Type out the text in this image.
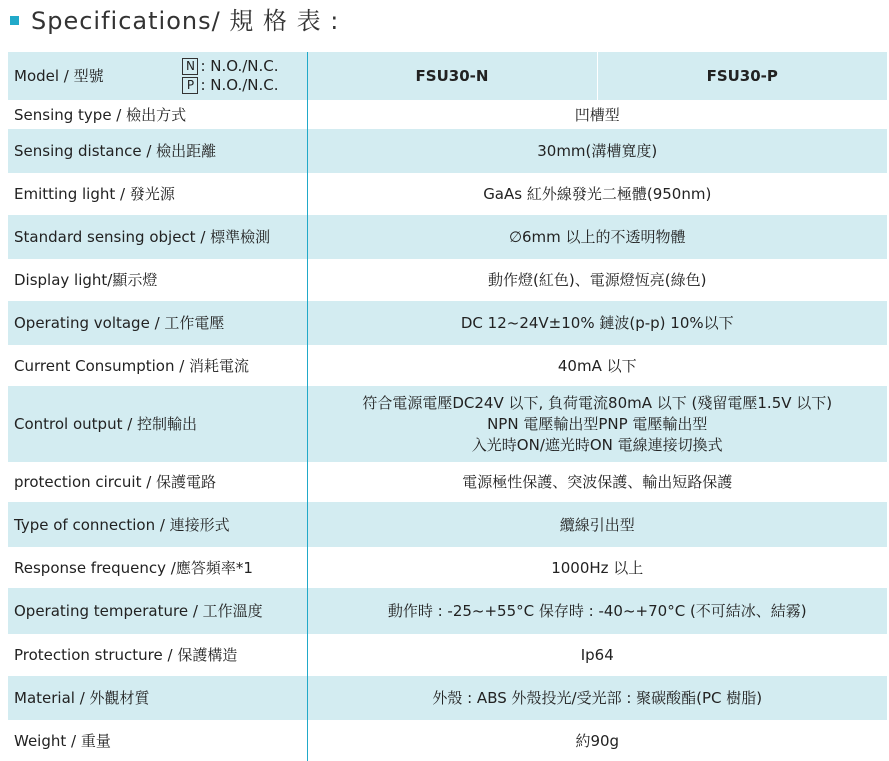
Specifications/ 規 格 表 :
Model / 型號
N : N.O./N.C.
P : N.O./N.C.	FSU30-N	FSU30-P
Sensing type / 檢出方式	凹槽型	
Sensing distance / 檢出距離	30mm(溝槽寬度)	
Emitting light / 發光源	GaAs 紅外線發光二極體(950nm)	
Standard sensing object / 標準檢測	∅6mm 以上的不透明物體	
Display light/顯示燈	動作燈(紅色)、電源燈恆亮(綠色)	
Operating voltage / 工作電壓	DC 12~24V±10% 鏈波(p-p) 10%以下	
Current Consumption / 消耗電流	40mA 以下	
Control output / 控制輸出	符合電源電壓DC24V 以下, 負荷電流80mA 以下 (殘留電壓1.5V 以下)
NPN 電壓輸出型PNP 電壓輸出型
入光時ON/遮光時ON 電線連接切換式	

protection circuit / 保護電路	電源極性保護、突波保護、輸出短路保護	
Type of connection / 連接形式	纜線引出型	
Response frequency /應答頻率*1	1000Hz 以上	
Operating temperature / 工作溫度	動作時 : -25~+55°C 保存時 : -40~+70°C (不可結冰、結霧)	
Protection structure / 保護構造	Ip64	
Material / 外觀材質	外殼 : ABS 外殼投光/受光部 : 聚碳酸酯(PC 樹脂)	
Weight / 重量	約90g	
